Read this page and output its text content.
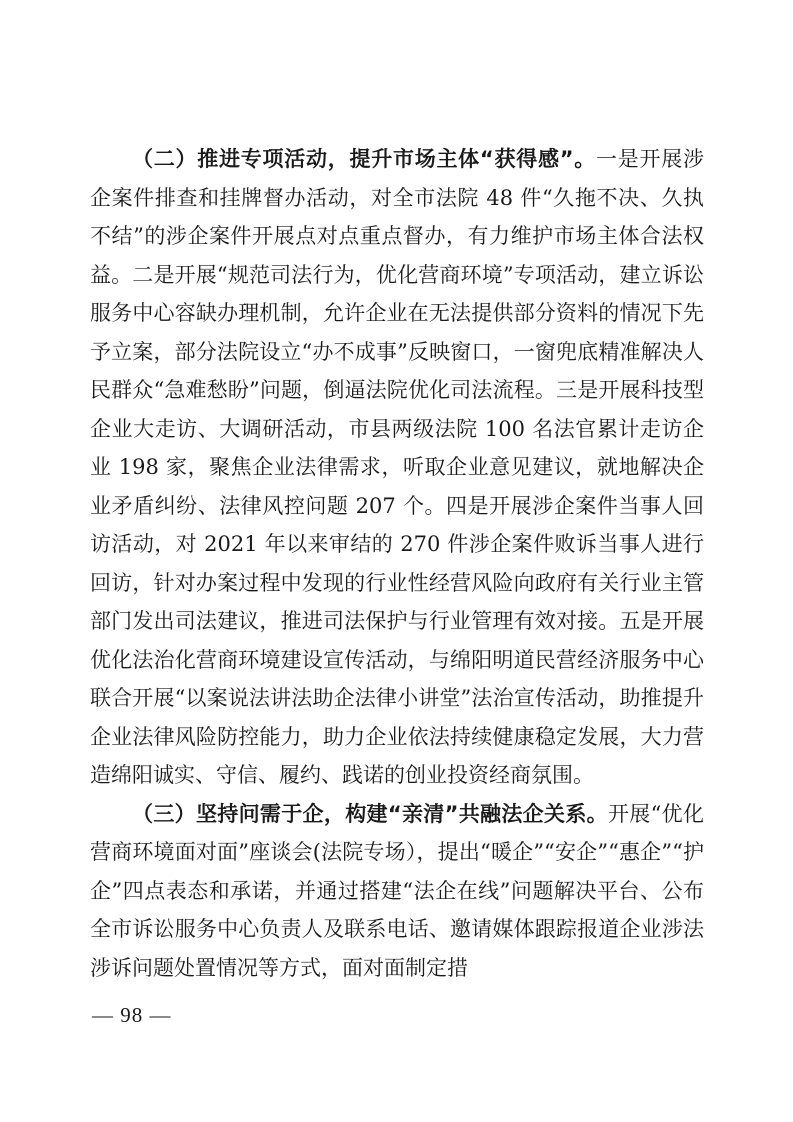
（二）推进专项活动，提升市场主体“获得感”。一是开展涉企案件排查和挂牌督办活动，对全市法院 48 件“久拖不决、久执不结”的涉企案件开展点对点重点督办，有力维护市场主体合法权益。二是开展“规范司法行为，优化营商环境”专项活动，建立诉讼服务中心容缺办理机制，允许企业在无法提供部分资料的情况下先予立案，部分法院设立“办不成事”反映窗口，一窗兜底精准解决人民群众“急难愁盼”问题，倒逼法院优化司法流程。三是开展科技型企业大走访、大调研活动，市县两级法院 100 名法官累计走访企业 198 家，聚焦企业法律需求，听取企业意见建议，就地解决企业矛盾纠纷、法律风控问题 207 个。四是开展涉企案件当事人回访活动，对 2021 年以来审结的 270 件涉企案件败诉当事人进行回访，针对办案过程中发现的行业性经营风险向政府有关行业主管部门发出司法建议，推进司法保护与行业管理有效对接。五是开展优化法治化营商环境建设宣传活动，与绵阳明道民营经济服务中心联合开展“以案说法讲法助企法律小讲堂”法治宣传活动，助推提升企业法律风险防控能力，助力企业依法持续健康稳定发展，大力营造绵阳诚实、守信、履约、践诺的创业投资经商氛围。

（三）坚持问需于企，构建“亲清”共融法企关系。开展“优化营商环境面对面”座谈会(法院专场），提出“暖企”“安企”“惠企”“护企”四点表态和承诺，并通过搭建“法企在线”问题解决平台、公布全市诉讼服务中心负责人及联系电话、邀请媒体跟踪报道企业涉法涉诉问题处置情况等方式，面对面制定措

— 98 —
